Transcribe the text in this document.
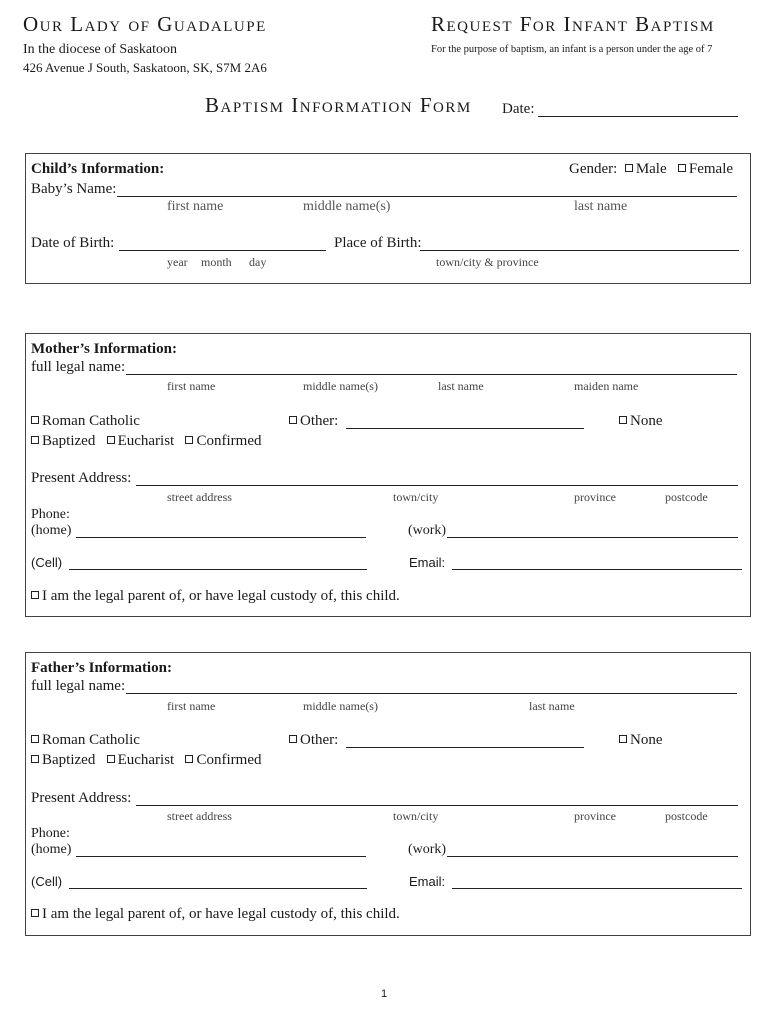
Our Lady of Guadalupe
In the diocese of Saskatoon
426 Avenue J South, Saskatoon, SK, S7M 2A6
Request For Infant Baptism
For the purpose of baptism, an infant is a person under the age of 7
Baptism Information Form Date:
Child’s Information:	Gender: Male Female
Baby’s Name:
first name	middle name(s)	last name
Date of Birth:
year month day
Place of Birth:
town/city & province
Mother’s Information:
full legal name:
first name	middle name(s)	last name	maiden name
Roman Catholic	Other:	None
Baptized Eucharist Confirmed
Present Address:
street address	town/city	province	postcode
Phone:
(home)	(work)
(Cell)	Email:
I am the legal parent of, or have legal custody of, this child.
Father’s Information:
full legal name:
first name	middle name(s)	last name
Roman Catholic	Other:	None
Baptized Eucharist Confirmed
Present Address:
street address	town/city	province	postcode
Phone:
(home)	(work)
(Cell)	Email:
I am the legal parent of, or have legal custody of, this child.
1
